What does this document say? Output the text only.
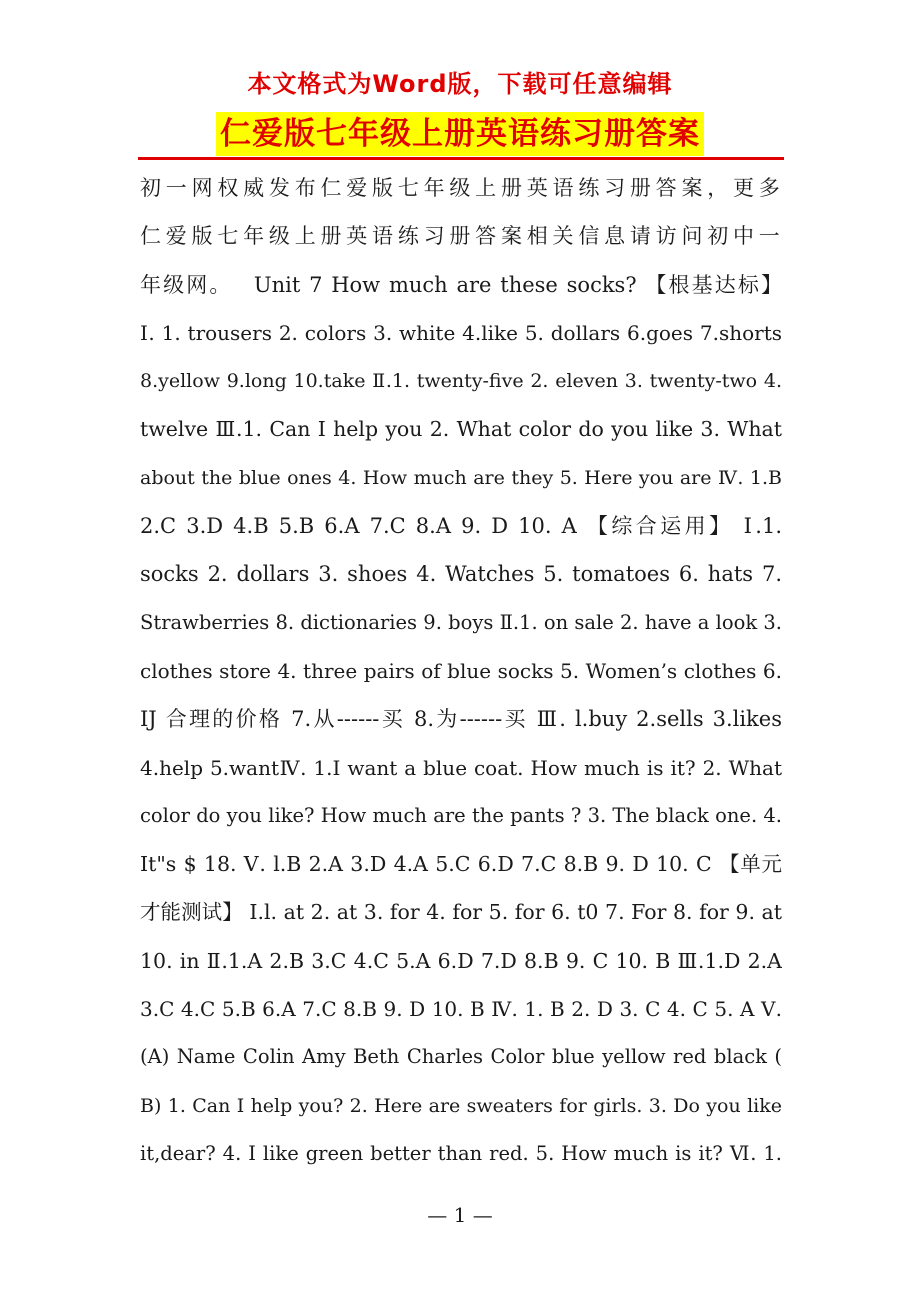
本文格式为Word版，下载可任意编辑
仁爱版七年级上册英语练习册答案
初一网权威发布仁爱版七年级上册英语练习册答案，更多
仁爱版七年级上册英语练习册答案相关信息请访问初中一
年级网。　 Unit 7 How much are these socks? 【根基达标】
Ⅰ. 1. trousers 2. colors 3. white 4.like 5. dollars 6.goes 7.shorts
8.yellow 9.long 10.take Ⅱ.1. twenty-five 2. eleven 3. twenty-two 4.
twelve Ⅲ.1. Can I help you 2. What color do you like 3. What
about the blue ones 4. How much are they 5. Here you are Ⅳ. 1.B
2.C 3.D 4.B 5.B 6.A 7.C 8.A 9. D 10. A 【综合运用】 Ⅰ.1.
socks 2. dollars 3. shoes 4. Watches 5. tomatoes 6. hats 7.
Strawberries 8. dictionaries 9. boys Ⅱ.1. on sale 2. have a look 3.
clothes store 4. three pairs of blue socks 5. Women’s clothes 6.
IJ 合理的价格 7.从------买 8.为------买 Ⅲ. l.buy 2.sells 3.likes
4.help 5.wantⅣ. 1.I want a blue coat. How much is it? 2. What
color do you like? How much are the pants ? 3. The black one. 4.
It"s $ 18. Ⅴ. l.B 2.A 3.D 4.A 5.C 6.D 7.C 8.B 9. D 10. C 【单元
才能测试】 Ⅰ.l. at 2. at 3. for 4. for 5. for 6. t0 7. For 8. for 9. at
10. in Ⅱ.1.A 2.B 3.C 4.C 5.A 6.D 7.D 8.B 9. C 10. B Ⅲ.1.D 2.A
3.C 4.C 5.B 6.A 7.C 8.B 9. D 10. B Ⅳ. 1. B 2. D 3. C 4. C 5. A Ⅴ.
(A) Name Colin Amy Beth Charles Color blue yellow red black (
B) 1. Can I help you? 2. Here are sweaters for girls. 3. Do you like
it,dear? 4. I like green better than red. 5. How much is it? Ⅵ. 1.
— 1 —
